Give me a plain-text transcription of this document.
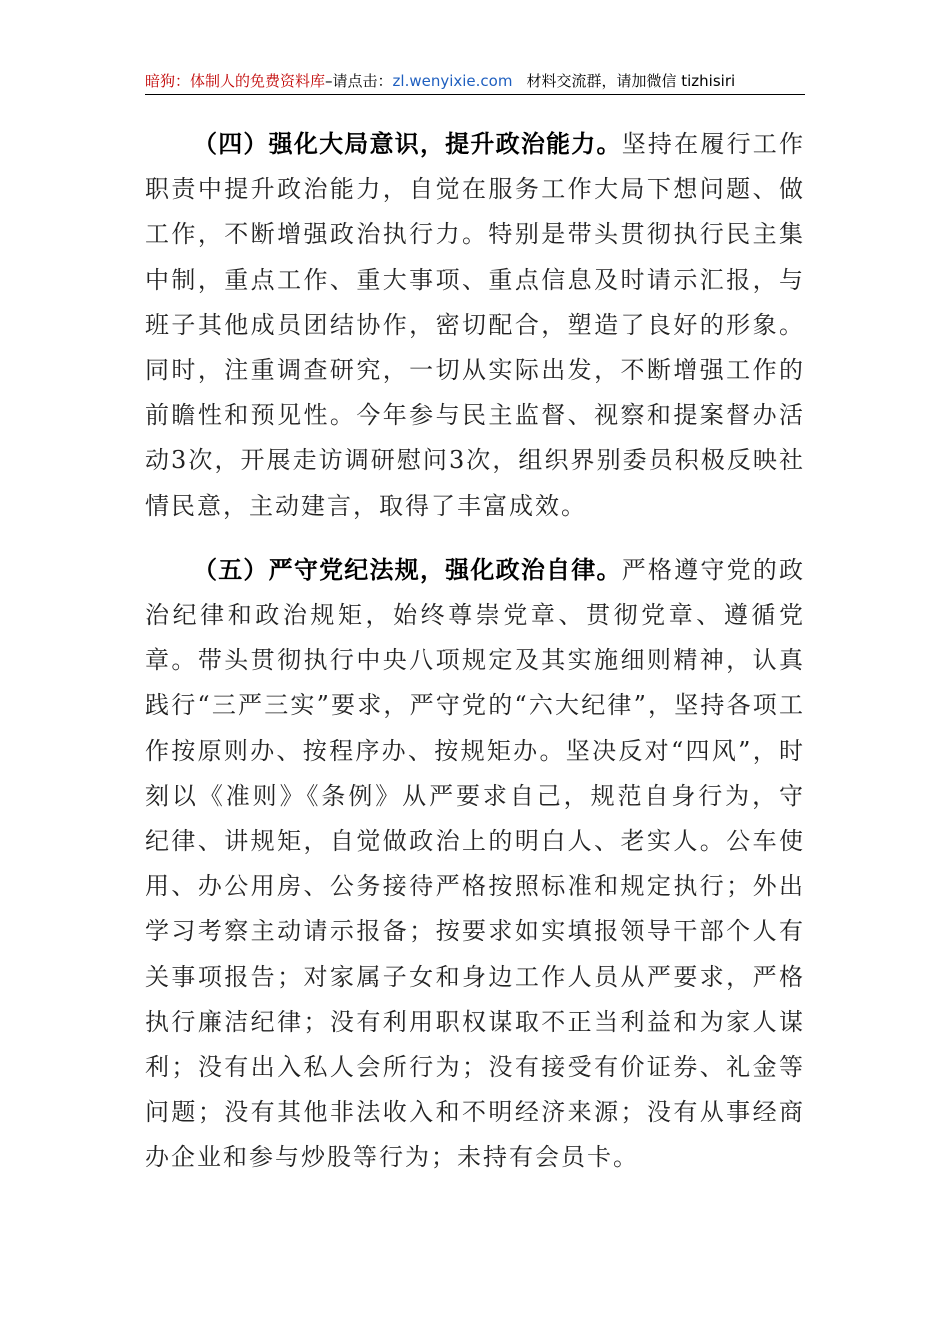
暗狗：体制人的免费资料库–请点击：zl.wenyixie.com 材料交流群，请加微信 tizhisiri

（四）强化大局意识，提升政治能力。坚持在履行工作职责中提升政治能力，自觉在服务工作大局下想问题、做工作，不断增强政治执行力。特别是带头贯彻执行民主集中制，重点工作、重大事项、重点信息及时请示汇报，与班子其他成员团结协作，密切配合，塑造了良好的形象。同时，注重调查研究，一切从实际出发，不断增强工作的前瞻性和预见性。今年参与民主监督、视察和提案督办活动3次，开展走访调研慰问3次，组织界别委员积极反映社情民意，主动建言，取得了丰富成效。

（五）严守党纪法规，强化政治自律。严格遵守党的政治纪律和政治规矩，始终尊崇党章、贯彻党章、遵循党章。带头贯彻执行中央八项规定及其实施细则精神，认真践行“三严三实”要求，严守党的“六大纪律”，坚持各项工作按原则办、按程序办、按规矩办。坚决反对“四风”，时刻以《准则》《条例》从严要求自己，规范自身行为，守纪律、讲规矩，自觉做政治上的明白人、老实人。公车使用、办公用房、公务接待严格按照标准和规定执行；外出学习考察主动请示报备；按要求如实填报领导干部个人有关事项报告；对家属子女和身边工作人员从严要求，严格执行廉洁纪律；没有利用职权谋取不正当利益和为家人谋利；没有出入私人会所行为；没有接受有价证券、礼金等问题；没有其他非法收入和不明经济来源；没有从事经商办企业和参与炒股等行为；未持有会员卡。
